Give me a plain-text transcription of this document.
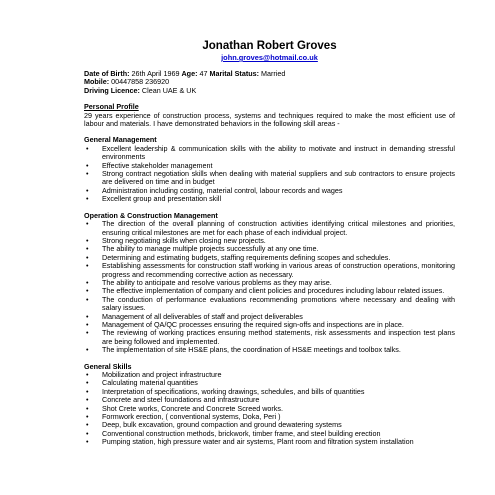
Jonathan Robert Groves

john.groves@hotmail.co.uk

Date of Birth: 26th April 1969 Age: 47 Marital Status: Married

Mobile: 00447858 236920

Driving Licence: Clean UAE & UK

Personal Profile

29 years experience of construction process, systems and techniques required to make the most efficient use of labour and materials. I have demonstrated behaviors in the following skill areas -

General Management

• Excellent leadership & communication skills with the ability to motivate and instruct in demanding stressful environments
• Effective stakeholder management
• Strong contract negotiation skills when dealing with material suppliers and sub contractors to ensure projects are delivered on time and in budget
• Administration including costing, material control, labour records and wages
• Excellent group and presentation skill

Operation & Construction Management

• The direction of the overall planning of construction activities identifying critical milestones and priorities, ensuring critical milestones are met for each phase of each individual project.
• Strong negotiating skills when closing new projects.
• The ability to manage multiple projects successfully at any one time.
• Determining and estimating budgets, staffing requirements defining scopes and schedules.
• Establishing assessments for construction staff working in various areas of construction operations, monitoring progress and recommending corrective action as necessary.
• The ability to anticipate and resolve various problems as they may arise.
• The effective implementation of company and client policies and procedures including labour related issues.
• The conduction of performance evaluations recommending promotions where necessary and dealing with salary issues.
• Management of all deliverables of staff and project deliverables
• Management of QA/QC processes ensuring the required sign-offs and inspections are in place.
• The reviewing of working practices ensuring method statements, risk assessments and inspection test plans are being followed and implemented.
• The implementation of site HS&E plans, the coordination of HS&E meetings and toolbox talks.

General Skills

• Mobilization and project infrastructure
• Calculating material quantities
• Interpretation of specifications, working drawings, schedules, and bills of quantities
• Concrete and steel foundations and infrastructure
• Shot Crete works, Concrete and Concrete Screed works.
• Formwork erection, ( conventional systems, Doka, Peri )
• Deep, bulk excavation, ground compaction and ground dewatering systems
• Conventional construction methods, brickwork, timber frame, and steel building erection
• Pumping station, high pressure water and air systems, Plant room and filtration system installation
